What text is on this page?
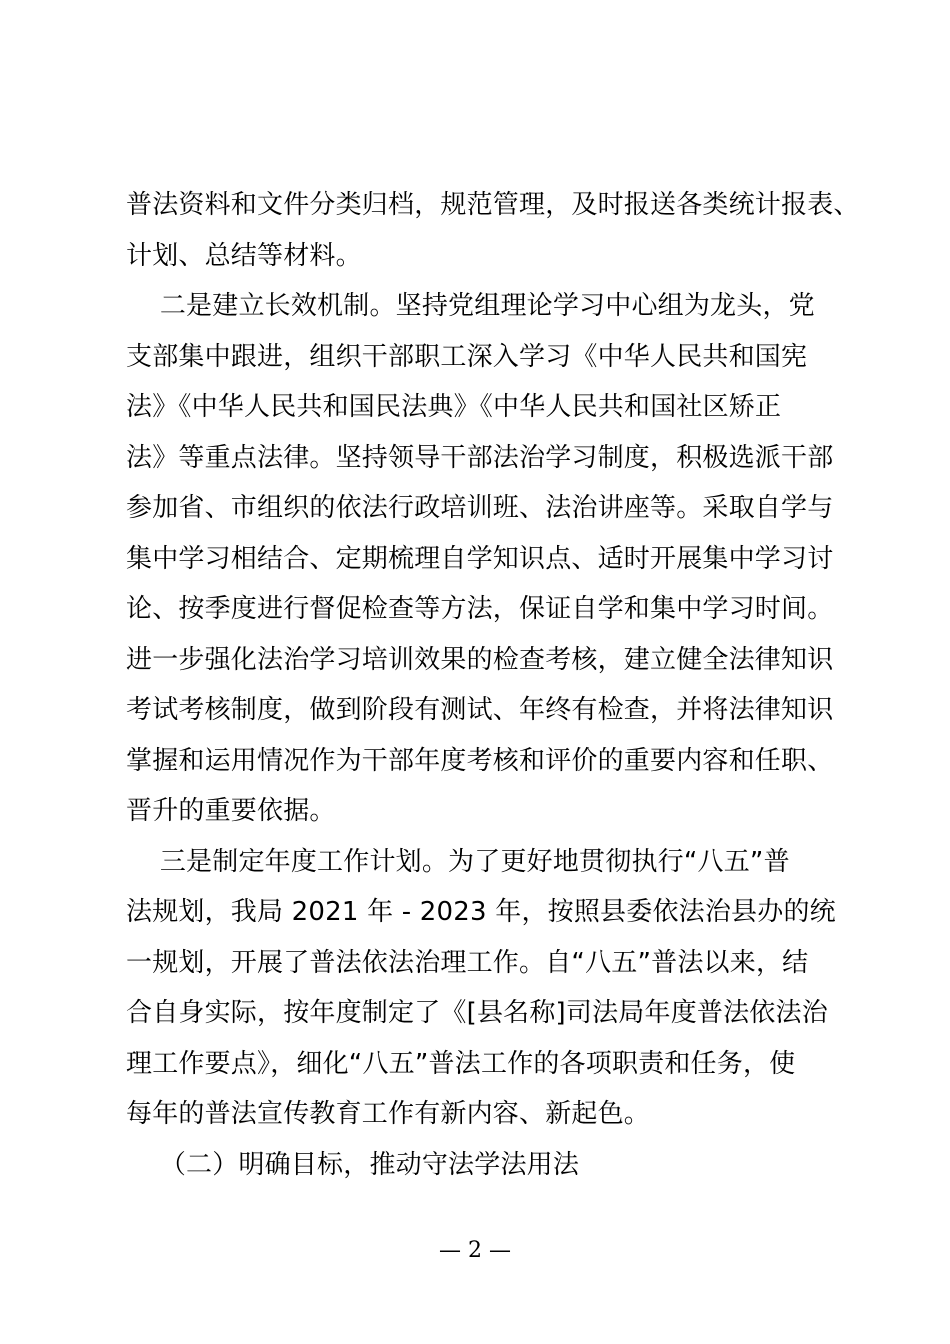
普法资料和文件分类归档，规范管理，及时报送各类统计报表、
计划、总结等材料。
二是建立长效机制。坚持党组理论学习中心组为龙头，党
支部集中跟进，组织干部职工深入学习《中华人民共和国宪
法》《中华人民共和国民法典》《中华人民共和国社区矫正
法》等重点法律。坚持领导干部法治学习制度，积极选派干部
参加省、市组织的依法行政培训班、法治讲座等。采取自学与
集中学习相结合、定期梳理自学知识点、适时开展集中学习讨
论、按季度进行督促检查等方法，保证自学和集中学习时间。
进一步强化法治学习培训效果的检查考核，建立健全法律知识
考试考核制度，做到阶段有测试、年终有检查，并将法律知识
掌握和运用情况作为干部年度考核和评价的重要内容和任职、
晋升的重要依据。
三是制定年度工作计划。为了更好地贯彻执行“八五”普
法规划，我局 2021 年 - 2023 年，按照县委依法治县办的统
一规划，开展了普法依法治理工作。自“八五”普法以来，结
合自身实际，按年度制定了《[县名称]司法局年度普法依法治
理工作要点》，细化“八五”普法工作的各项职责和任务，使
每年的普法宣传教育工作有新内容、新起色。
（二）明确目标，推动守法学法用法
— 2 —
